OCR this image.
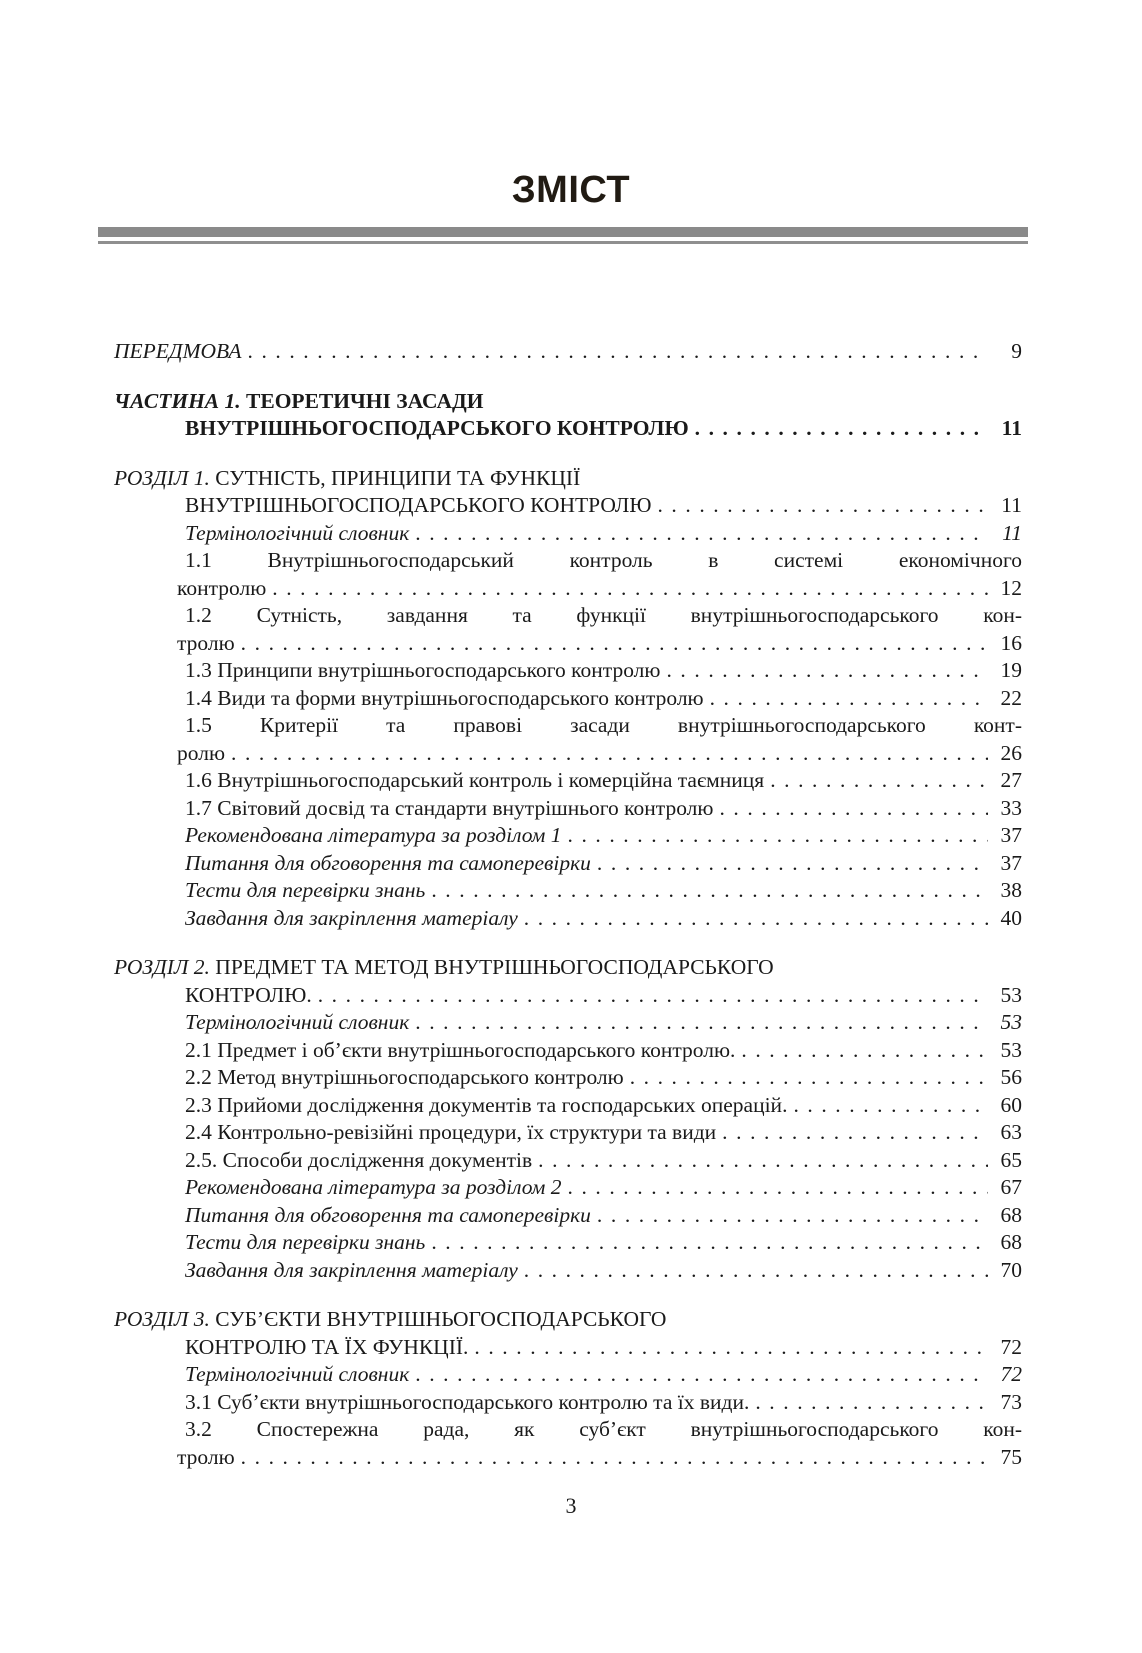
ЗМІСТ
ПЕРЕДМОВА . . .	9
ЧАСТИНА 1. ТЕОРЕТИЧНІ ЗАСАДИ
ВНУТРІШНЬОГОСПОДАРСЬКОГО КОНТРОЛЮ . . .	11
РОЗДІЛ 1. СУТНІСТЬ, ПРИНЦИПИ ТА ФУНКЦІЇ
ВНУТРІШНЬОГОСПОДАРСЬКОГО КОНТРОЛЮ . . .	11
Термінологічний словник . . .	11
1.1 Внутрішньогосподарський контроль в системі економічного
контролю . . .	12
1.2 Сутність, завдання та функції внутрішньогосподарського кон-
тролю . . .	16
1.3 Принципи внутрішньогосподарського контролю . . .	19
1.4 Види та форми внутрішньогосподарського контролю . . .	22
1.5 Критерії та правові засади внутрішньогосподарського конт-
ролю . . .	26
1.6 Внутрішньогосподарський контроль і комерційна таємниця . . .	27
1.7 Світовий досвід та стандарти внутрішнього контролю . . .	33
Рекомендована література за розділом 1 . . .	37
Питання для обговорення та самоперевірки . . .	37
Тести для перевірки знань . . .	38
Завдання для закріплення матеріалу . . .	40
РОЗДІЛ 2. ПРЕДМЕТ ТА МЕТОД ВНУТРІШНЬОГОСПОДАРСЬКОГО
КОНТРОЛЮ. . . .	53
Термінологічний словник . . .	53
2.1 Предмет і об’єкти внутрішньогосподарського контролю. . . .	53
2.2 Метод внутрішньогосподарського контролю . . .	56
2.3 Прийоми дослідження документів та господарських операцій. . . .	60
2.4 Контрольно-ревізійні процедури, їх структури та види . . .	63
2.5. Способи дослідження документів . . .	65
Рекомендована література за розділом 2 . . .	67
Питання для обговорення та самоперевірки . . .	68
Тести для перевірки знань . . .	68
Завдання для закріплення матеріалу . . .	70
РОЗДІЛ 3. СУБ’ЄКТИ ВНУТРІШНЬОГОСПОДАРСЬКОГО
КОНТРОЛЮ ТА ЇХ ФУНКЦІЇ. . . .	72
Термінологічний словник . . .	72
3.1 Суб’єкти внутрішньогосподарського контролю та їх види. . . .	73
3.2 Спостережна рада, як суб’єкт внутрішньогосподарського кон-
тролю . . .	75
3
